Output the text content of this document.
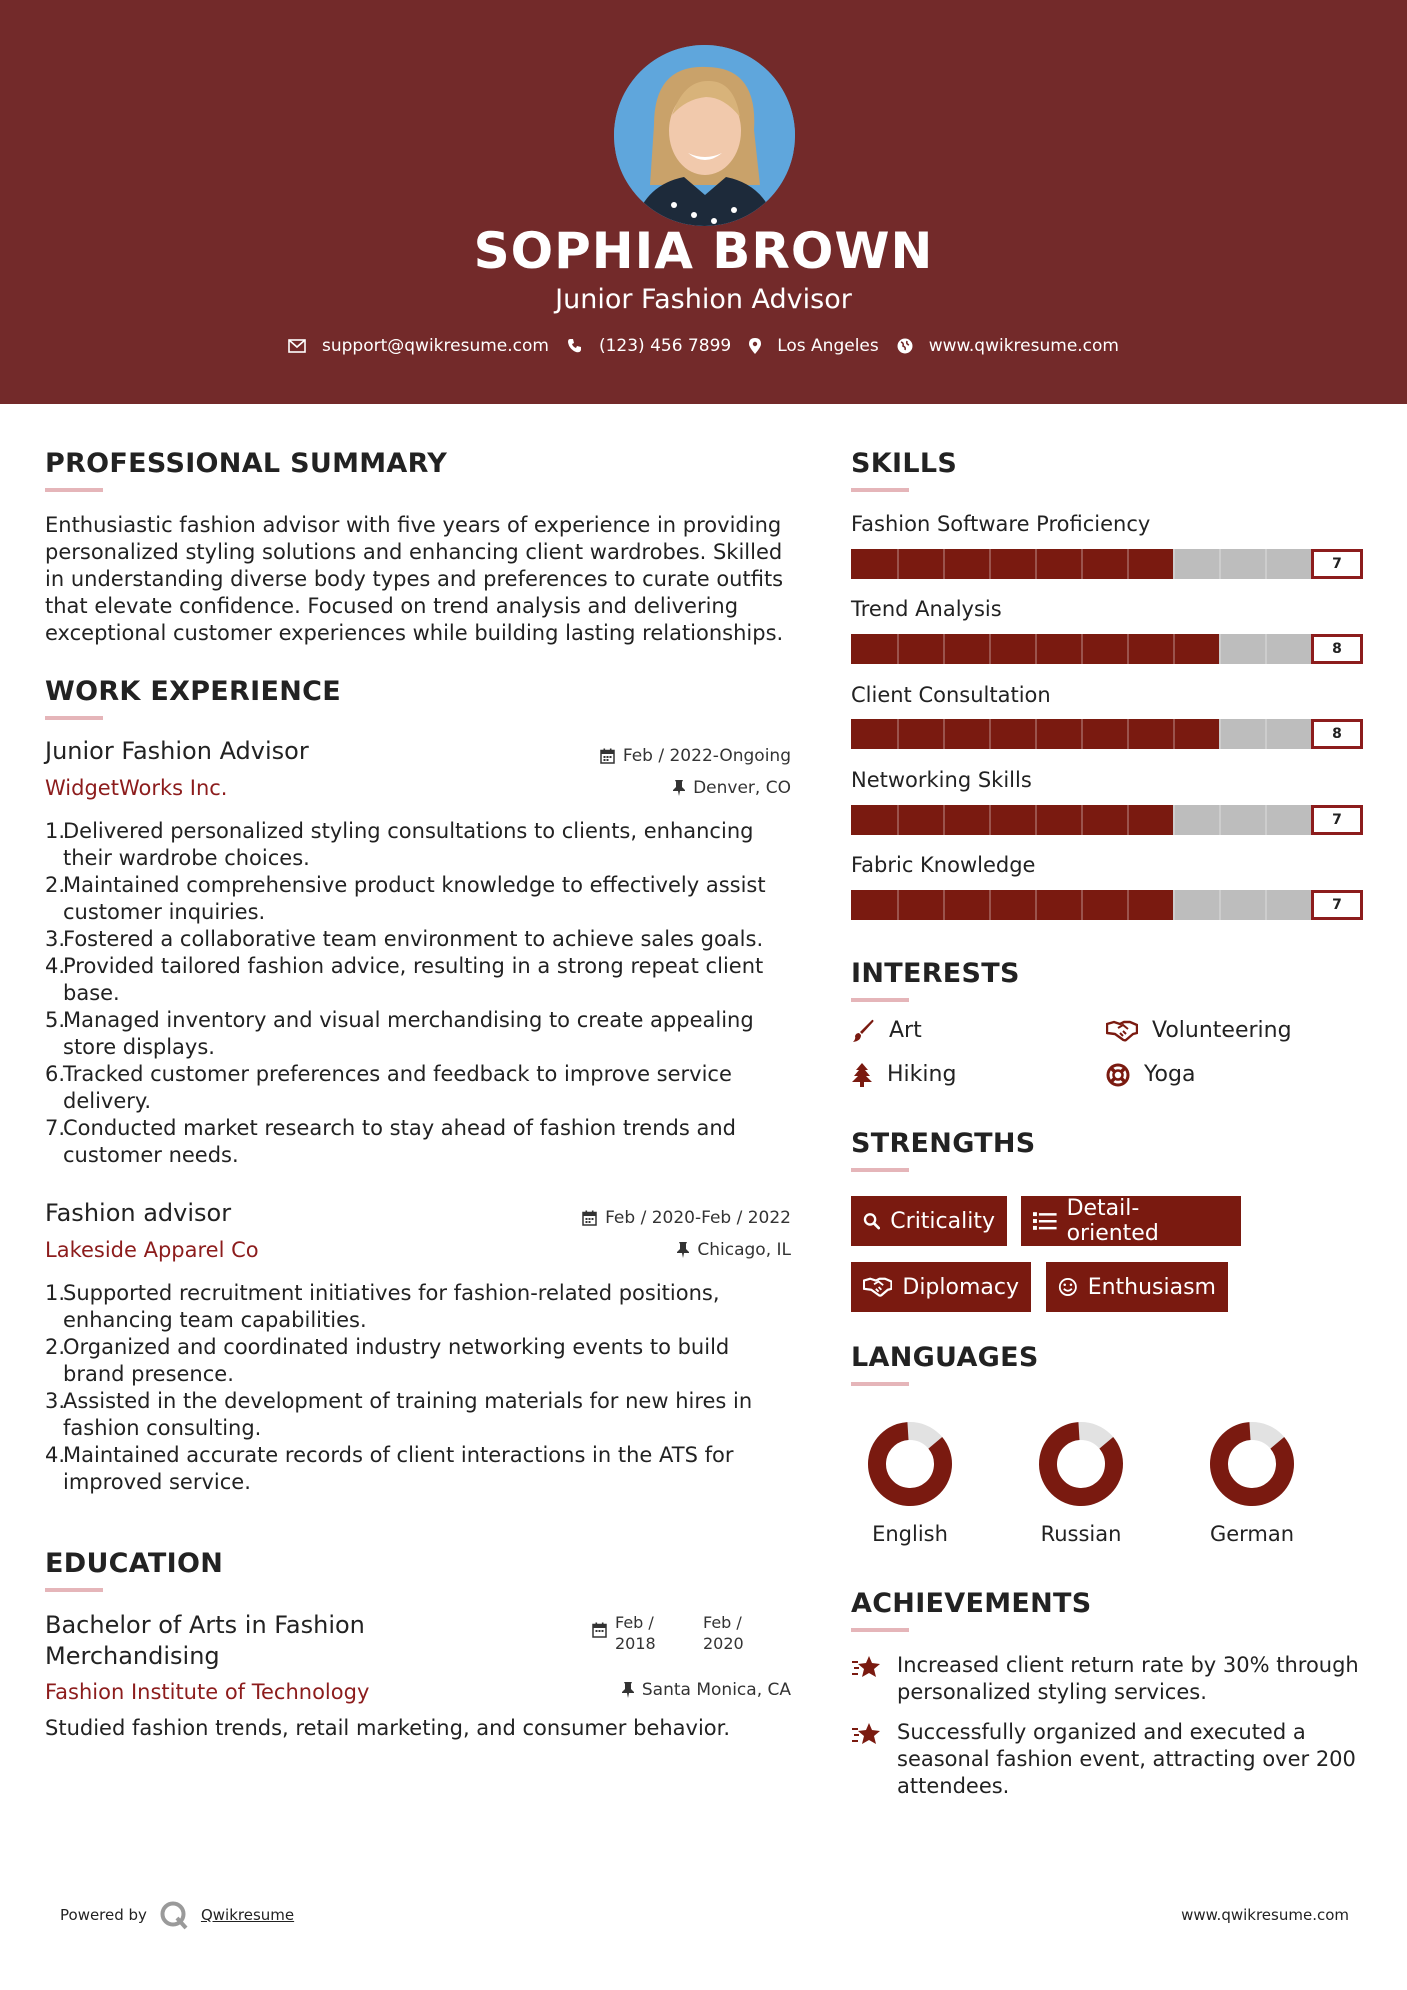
SOPHIA BROWN
Junior Fashion Advisor
support@qwikresume.com	(123) 456 7899	Los Angeles	www.qwikresume.com
PROFESSIONAL SUMMARY
Enthusiastic fashion advisor with five years of experience in providing personalized styling solutions and enhancing client wardrobes. Skilled in understanding diverse body types and preferences to curate outfits that elevate confidence. Focused on trend analysis and delivering exceptional customer experiences while building lasting relationships.
WORK EXPERIENCE
Junior Fashion Advisor	Feb / 2022-Ongoing
WidgetWorks Inc.	Denver, CO
1.
Delivered personalized styling consultations to clients, enhancing their wardrobe choices.
2.
Maintained comprehensive product knowledge to effectively assist customer inquiries.
3.
Fostered a collaborative team environment to achieve sales goals.
4.
Provided tailored fashion advice, resulting in a strong repeat client base.
5.
Managed inventory and visual merchandising to create appealing store displays.
6.
Tracked customer preferences and feedback to improve service delivery.
7.
Conducted market research to stay ahead of fashion trends and customer needs.
Fashion advisor	Feb / 2020-Feb / 2022
Lakeside Apparel Co	Chicago, IL
1.
Supported recruitment initiatives for fashion-related positions, enhancing team capabilities.
2.
Organized and coordinated industry networking events to build brand presence.
3.
Assisted in the development of training materials for new hires in fashion consulting.
4.
Maintained accurate records of client interactions in the ATS for improved service.
EDUCATION
Bachelor of Arts in Fashion Merchandising
Feb / 2018
Feb / 2020
Fashion Institute of Technology	Santa Monica, CA
Studied fashion trends, retail marketing, and consumer behavior.
SKILLS
Fashion Software Proficiency
7
Trend Analysis
8
Client Consultation
8
Networking Skills
7
Fabric Knowledge
7
INTERESTS
Art	Volunteering
Hiking	Yoga
STRENGTHS
Criticality	Detail-oriented
Diplomacy	Enthusiasm
LANGUAGES
English	Russian	German
ACHIEVEMENTS
Increased client return rate by 30% through personalized styling services.
Successfully organized and executed a seasonal fashion event, attracting over 200 attendees.
Powered by	Qwikresume	www.qwikresume.com
